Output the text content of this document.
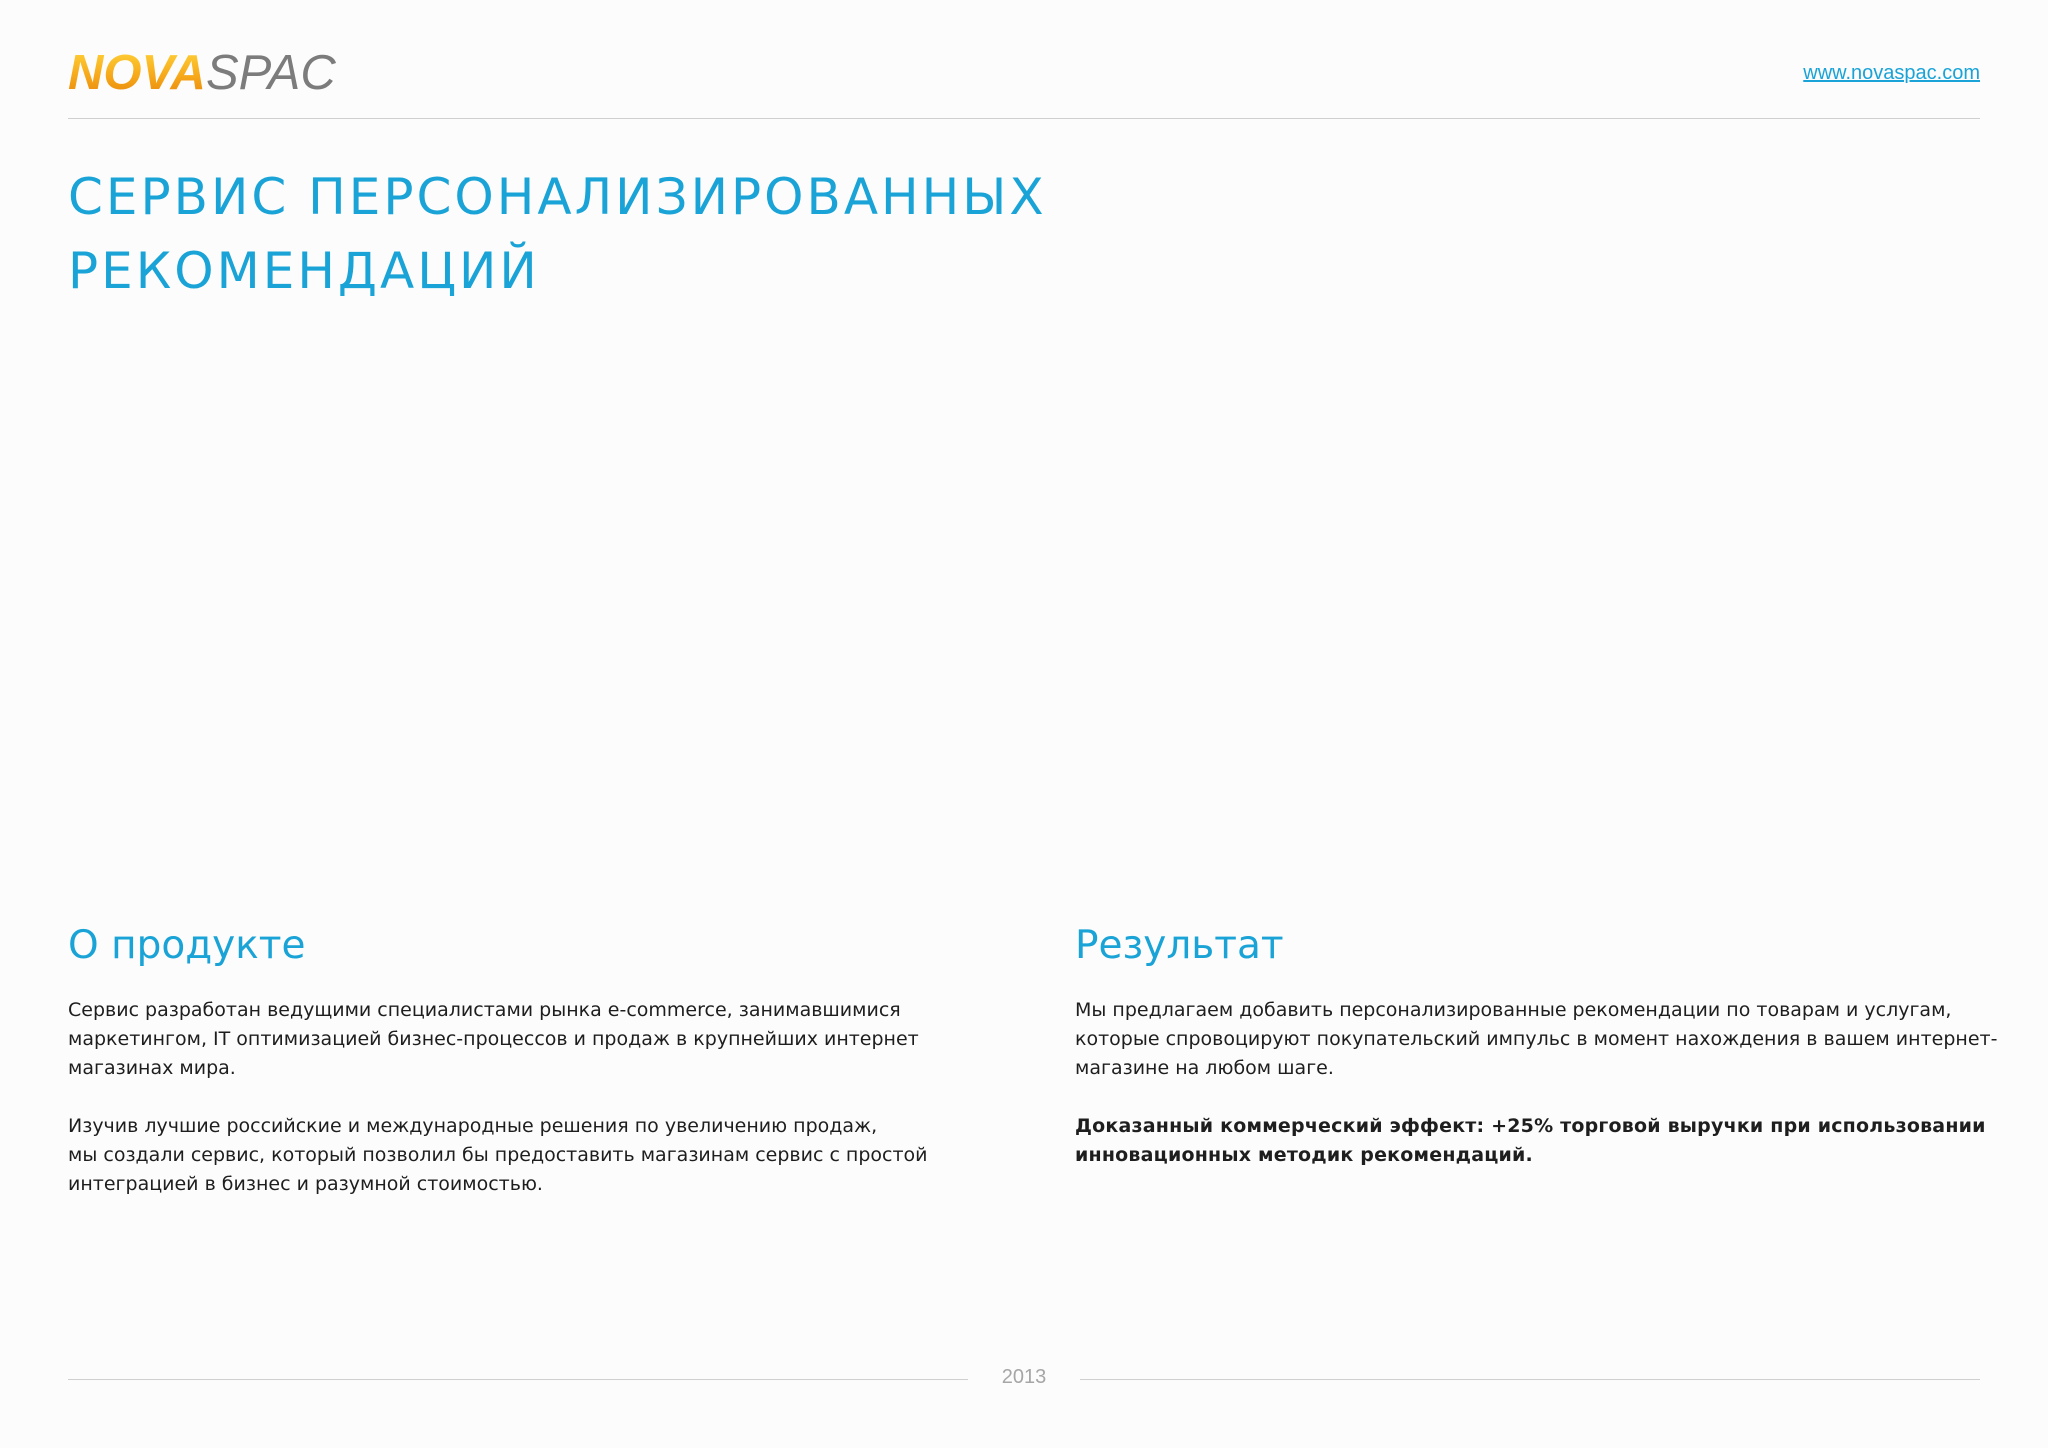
NOVA SPAC	www.novaspac.com
СЕРВИС ПЕРСОНАЛИЗИРОВАННЫХ
РЕКОМЕНДАЦИЙ
О продукте

Сервис разработан ведущими специалистами рынка e-commerce, занимавшимися
маркетингом, IT оптимизацией бизнес-процессов и продаж в крупнейших интернет
магазинах мира.

Изучив лучшие российские и международные решения по увеличению продаж,
мы создали сервис, который позволил бы предоставить магазинам сервис с простой
интеграцией в бизнес и разумной стоимостью.

Результат

Мы предлагаем добавить персонализированные рекомендации по товарам и услугам,
которые спровоцируют покупательский импульс в момент нахождения в вашем интернет-
магазине на любом шаге.

Доказанный коммерческий эффект: +25% торговой выручки при использовании
инновационных методик рекомендаций.

2013
